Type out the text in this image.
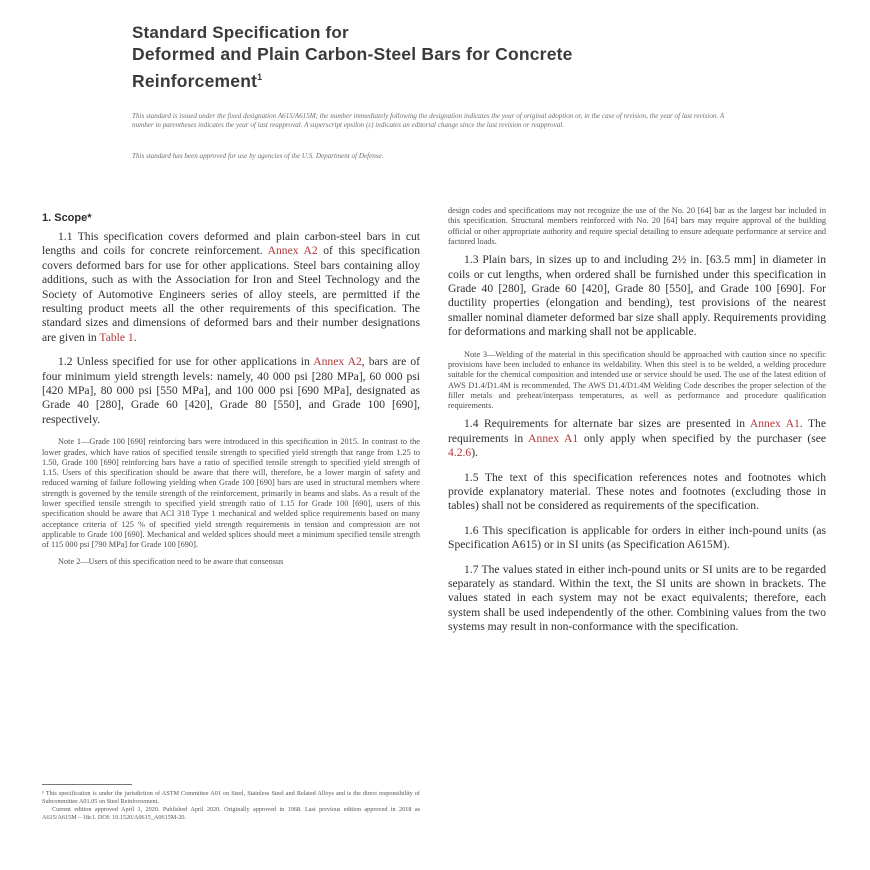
Standard Specification for
Deformed and Plain Carbon-Steel Bars for Concrete
Reinforcement$^1$
This standard is issued under the fixed designation A615/A615M; the number immediately following the designation indicates the year of original adoption or, in the case of revision, the year of last revision. A number in parentheses indicates the year of last reapproval. A superscript epsilon (ε) indicates an editorial change since the last revision or reapproval.
This standard has been approved for use by agencies of the U.S. Department of Defense.
1. Scope*

1.1 This specification covers deformed and plain carbon-steel bars in cut lengths and coils for concrete reinforcement. Annex A2 of this specification covers deformed bars for use for other applications. Steel bars containing alloy additions, such as with the Association for Iron and Steel Technology and the Society of Automotive Engineers series of alloy steels, are permitted if the resulting product meets all the other requirements of this specification. The standard sizes and dimensions of deformed bars and their number designations are given in Table 1.

1.2 Unless specified for use for other applications in Annex A2, bars are of four minimum yield strength levels: namely, 40 000 psi [280 MPa], 60 000 psi [420 MPa], 80 000 psi [550 MPa], and 100 000 psi [690 MPa], designated as Grade 40 [280], Grade 60 [420], Grade 80 [550], and Grade 100 [690], respectively.

Note 1—Grade 100 [690] reinforcing bars were introduced in this specification in 2015. In contrast to the lower grades, which have ratios of specified tensile strength to specified yield strength that range from 1.25 to 1.50, Grade 100 [690] reinforcing bars have a ratio of specified tensile strength to specified yield strength of 1.15. Users of this specification should be aware that there will, therefore, be a lower margin of safety and reduced warning of failure following yielding when Grade 100 [690] bars are used in structural members where strength is governed by the tensile strength of the reinforcement, primarily in beams and slabs. As a result of the lower specified tensile strength to specified yield strength ratio of 1.15 for Grade 100 [690], users of this specification should be aware that ACI 318 Type 1 mechanical and welded splice requirements based on many acceptance criteria of 125 % of specified yield strength requirements in tension and compression are not applicable to Grade 100 [690]. Mechanical and welded splices should meet a minimum specified tensile strength of 115 000 psi [790 MPa] for Grade 100 [690].

Note 2—Users of this specification need to be aware that consensus

design codes and specifications may not recognize the use of the No. 20 [64] bar as the largest bar included in this specification. Structural members reinforced with No. 20 [64] bars may require approval of the building official or other appropriate authority and require special detailing to ensure adequate performance at service and factored loads.

1.3 Plain bars, in sizes up to and including 2½ in. [63.5 mm] in diameter in coils or cut lengths, when ordered shall be furnished under this specification in Grade 40 [280], Grade 60 [420], Grade 80 [550], and Grade 100 [690]. For ductility properties (elongation and bending), test provisions of the nearest smaller nominal diameter deformed bar size shall apply. Requirements providing for deformations and marking shall not be applicable.

Note 3—Welding of the material in this specification should be approached with caution since no specific provisions have been included to enhance its weldability. When this steel is to be welded, a welding procedure suitable for the chemical composition and intended use or service should be used. The use of the latest edition of AWS D1.4/D1.4M is recommended. The AWS D1.4/D1.4M Welding Code describes the proper selection of the filler metals and preheat/interpass temperatures, as well as performance and procedure qualification requirements.

1.4 Requirements for alternate bar sizes are presented in Annex A1. The requirements in Annex A1 only apply when specified by the purchaser (see 4.2.6).

1.5 The text of this specification references notes and footnotes which provide explanatory material. These notes and footnotes (excluding those in tables) shall not be considered as requirements of the specification.

1.6 This specification is applicable for orders in either inch-pound units (as Specification A615) or in SI units (as Specification A615M).

1.7 The values stated in either inch-pound units or SI units are to be regarded separately as standard. Within the text, the SI units are shown in brackets. The values stated in each system may not be exact equivalents; therefore, each system shall be used independently of the other. Combining values from the two systems may result in non-conformance with the specification.

¹ This specification is under the jurisdiction of ASTM Committee A01 on Steel, Stainless Steel and Related Alloys and is the direct responsibility of Subcommittee A01.05 on Steel Reinforcement.
Current edition approved April 1, 2020. Published April 2020. Originally approved in 1968. Last previous edition approved in 2018 as A615/A615M – 18ε1. DOI: 10.1520/A0615_A0615M-20.
